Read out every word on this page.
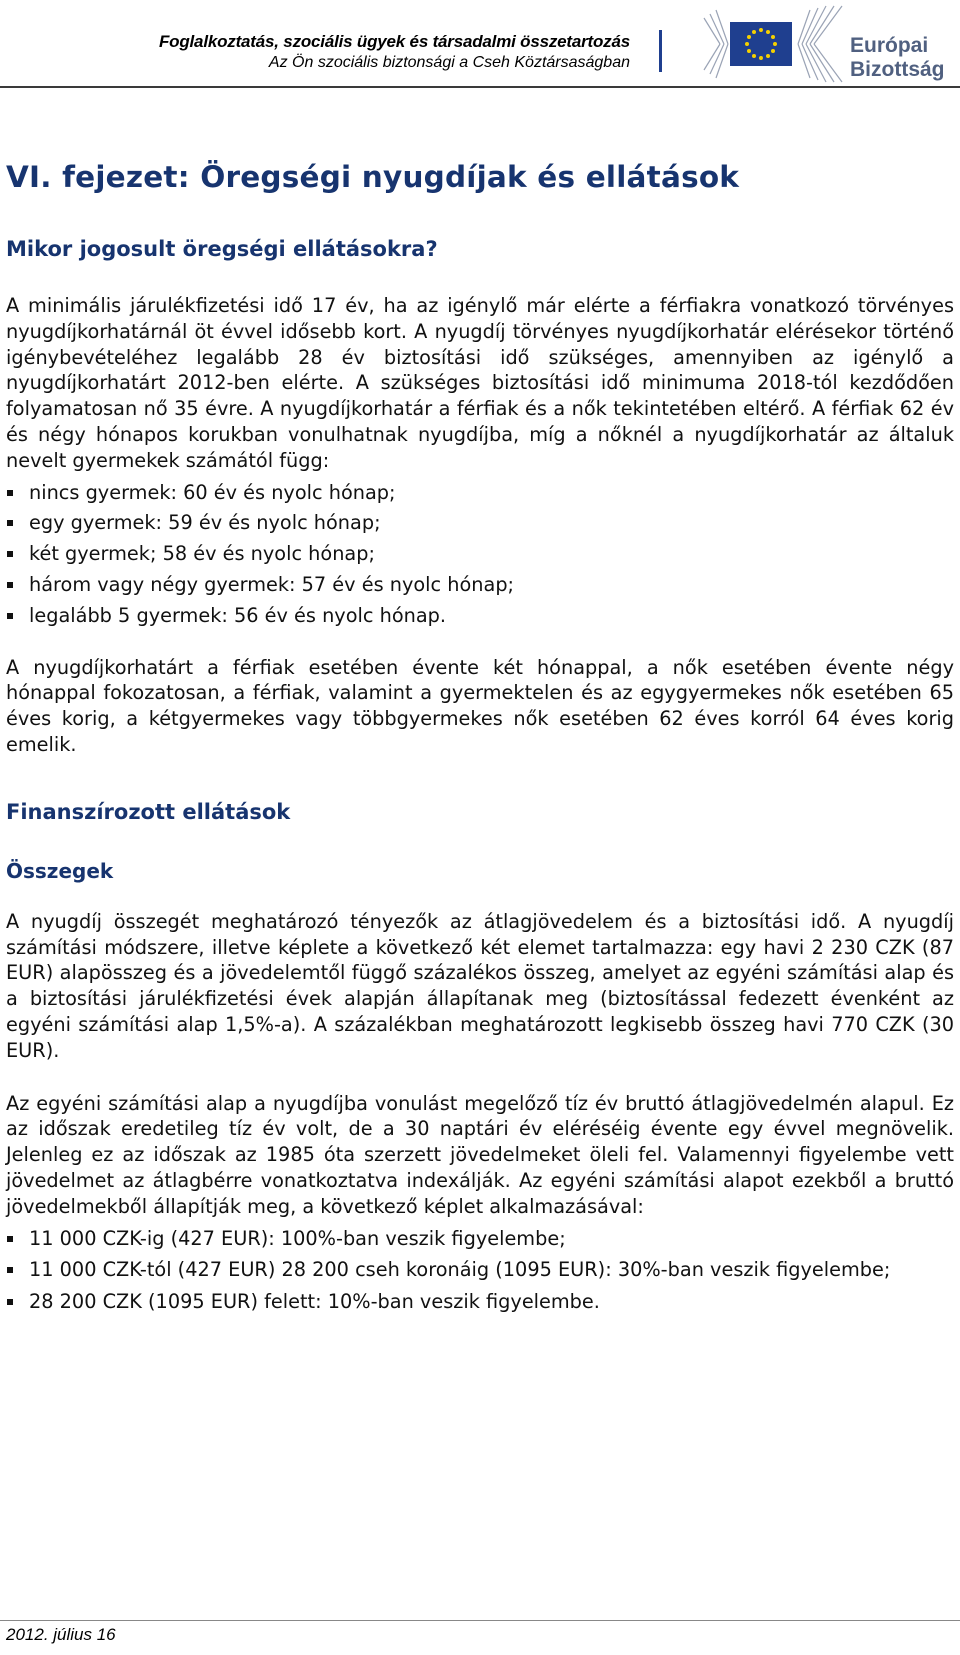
Foglalkoztatás, szociális ügyek és társadalmi összetartozás
Az Ön szociális biztonsági a Cseh Köztársaságban
Európai
Bizottság
VI. fejezet: Öregségi nyugdíjak és ellátások
Mikor jogosult öregségi ellátásokra?

A minimális járulékfizetési idő 17 év, ha az igénylő már elérte a férfiakra vonatkozó törvényes nyugdíjkorhatárnál öt évvel idősebb kort. A nyugdíj törvényes nyugdíjkorhatár elérésekor történő igénybevételéhez legalább 28 év biztosítási idő szükséges, amennyiben az igénylő a nyugdíjkorhatárt 2012-ben elérte. A szükséges biztosítási idő minimuma 2018-tól kezdődően folyamatosan nő 35 évre. A nyugdíjkorhatár a férfiak és a nők tekintetében eltérő. A férfiak 62 év és négy hónapos korukban vonulhatnak nyugdíjba, míg a nőknél a nyugdíjkorhatár az általuk nevelt gyermekek számától függ:

nincs gyermek: 60 év és nyolc hónap;
egy gyermek: 59 év és nyolc hónap;
két gyermek; 58 év és nyolc hónap;
három vagy négy gyermek: 57 év és nyolc hónap;
legalább 5 gyermek: 56 év és nyolc hónap.

A nyugdíjkorhatárt a férfiak esetében évente két hónappal, a nők esetében évente négy hónappal fokozatosan, a férfiak, valamint a gyermektelen és az egygyermekes nők esetében 65 éves korig, a kétgyermekes vagy többgyermekes nők esetében 62 éves korról 64 éves korig emelik.

Finanszírozott ellátások
Összegek

A nyugdíj összegét meghatározó tényezők az átlagjövedelem és a biztosítási idő. A nyugdíj számítási módszere, illetve képlete a következő két elemet tartalmazza: egy havi 2 230 CZK (87 EUR) alapösszeg és a jövedelemtől függő százalékos összeg, amelyet az egyéni számítási alap és a biztosítási járulékfizetési évek alapján állapítanak meg (biztosítással fedezett évenként az egyéni számítási alap 1,5%-a). A százalékban meghatározott legkisebb összeg havi 770 CZK (30 EUR).

Az egyéni számítási alap a nyugdíjba vonulást megelőző tíz év bruttó átlagjövedelmén alapul. Ez az időszak eredetileg tíz év volt, de a 30 naptári év eléréséig évente egy évvel megnövelik. Jelenleg ez az időszak az 1985 óta szerzett jövedelmeket öleli fel. Valamennyi figyelembe vett jövedelmet az átlagbérre vonatkoztatva indexálják. Az egyéni számítási alapot ezekből a bruttó jövedelmekből állapítják meg, a következő képlet alkalmazásával:

11 000 CZK-ig (427 EUR): 100%-ban veszik figyelembe;
11 000 CZK-tól (427 EUR) 28 200 cseh koronáig (1095 EUR): 30%-ban veszik figyelembe;
28 200 CZK (1095 EUR) felett: 10%-ban veszik figyelembe.
2012. július 16
